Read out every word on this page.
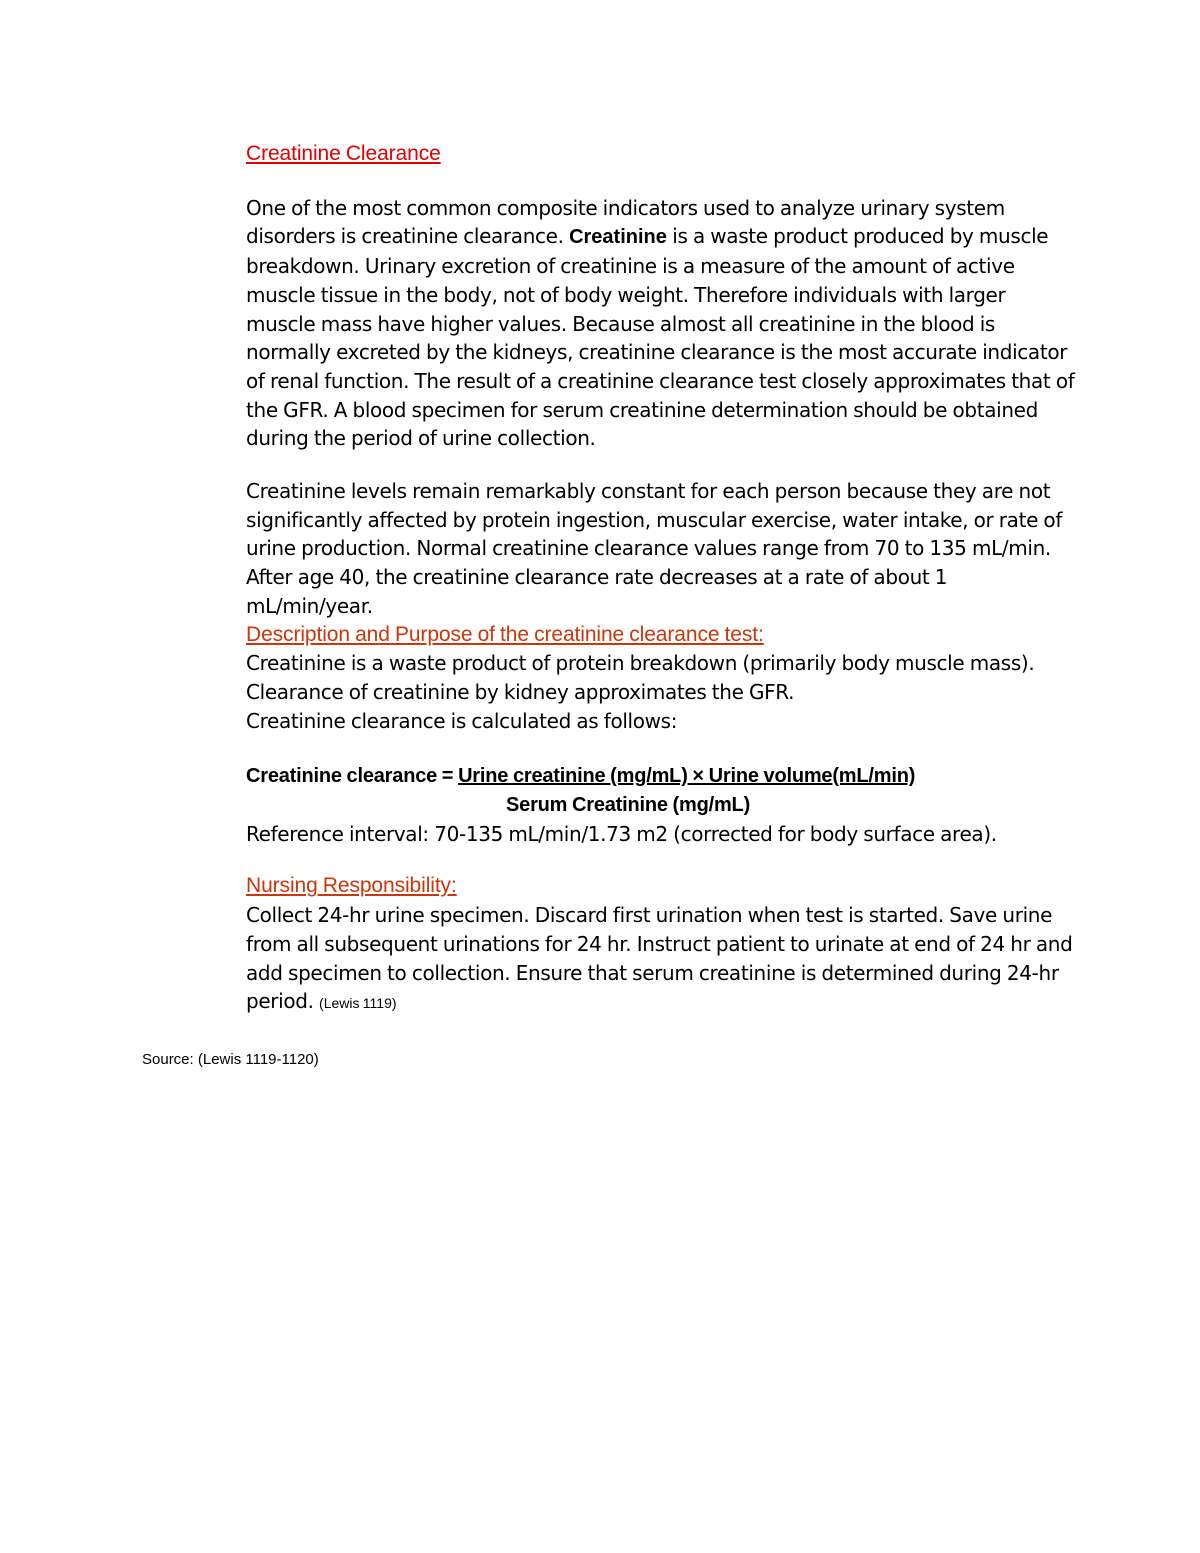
Creatinine Clearance

One of the most common composite indicators used to analyze urinary system disorders is creatinine clearance. Creatinine is a waste product produced by muscle breakdown. Urinary excretion of creatinine is a measure of the amount of active muscle tissue in the body, not of body weight. Therefore individuals with larger muscle mass have higher values. Because almost all creatinine in the blood is normally excreted by the kidneys, creatinine clearance is the most accurate indicator of renal function. The result of a creatinine clearance test closely approximates that of the GFR. A blood specimen for serum creatinine determination should be obtained during the period of urine collection.

Creatinine levels remain remarkably constant for each person because they are not significantly affected by protein ingestion, muscular exercise, water intake, or rate of urine production. Normal creatinine clearance values range from 70 to 135 mL/min. After age 40, the creatinine clearance rate decreases at a rate of about 1 mL/min/year.

Description and Purpose of the creatinine clearance test:

Creatinine is a waste product of protein breakdown (primarily body muscle mass).

Clearance of creatinine by kidney approximates the GFR.

Creatinine clearance is calculated as follows:

Creatinine clearance = Urine creatinine (mg/mL) × Urine volume(mL/min)

Serum Creatinine (mg/mL)

Reference interval: 70-135 mL/min/1.73 m2 (corrected for body surface area).

Nursing Responsibility:

Collect 24-hr urine specimen. Discard first urination when test is started. Save urine from all subsequent urinations for 24 hr. Instruct patient to urinate at end of 24 hr and add specimen to collection. Ensure that serum creatinine is determined during 24-hr period. (Lewis 1119)

Source: (Lewis 1119-1120)
